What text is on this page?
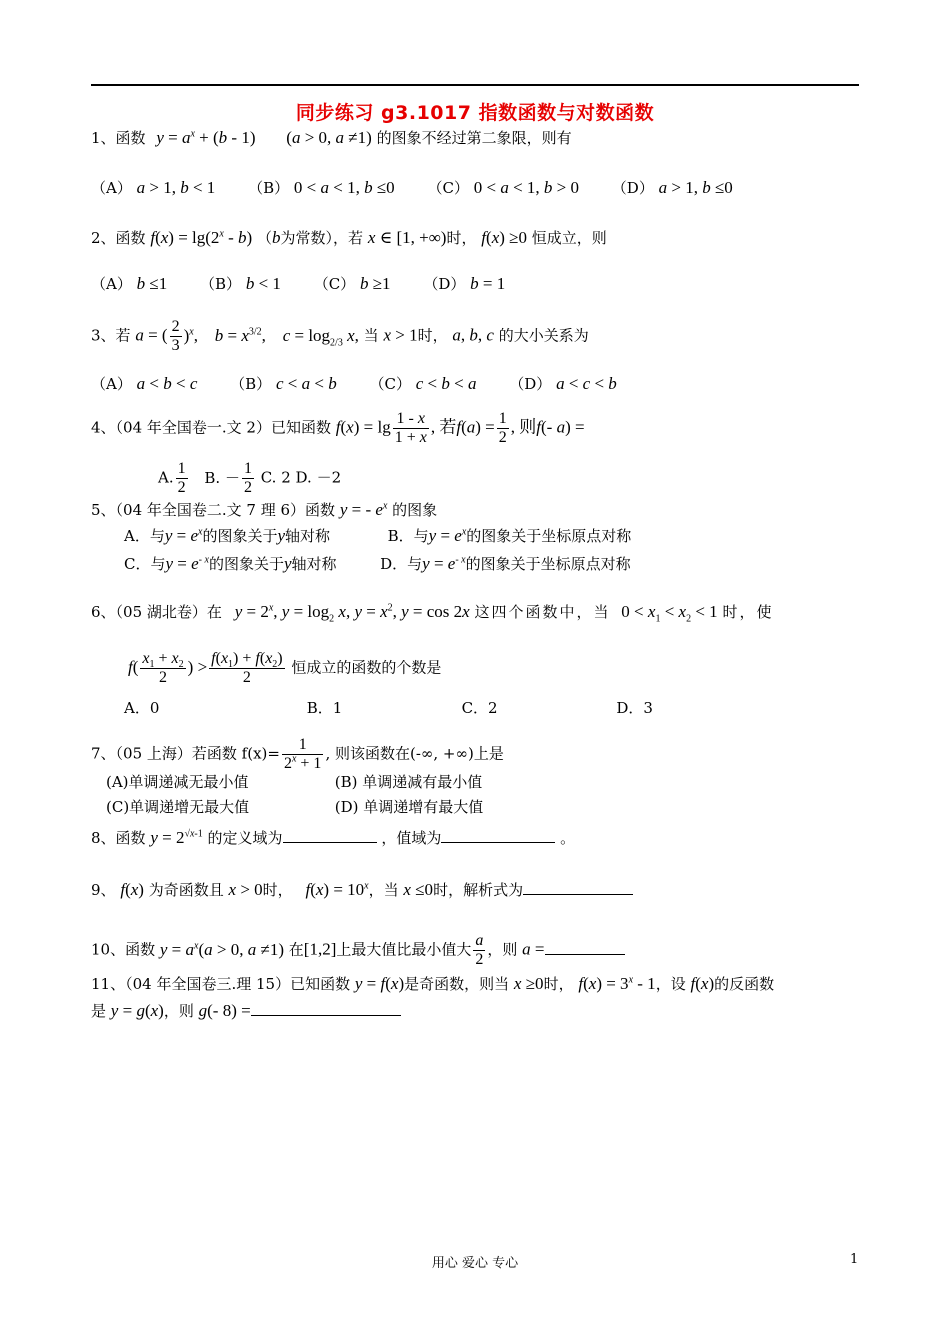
同步练习 g3.1017 指数函数与对数函数
1、函数 $y = a^x + (b - 1) (a > 0$, a ≠1) 的图象不经过第二象限，则有
（A） a > 1, b < 1 （B） 0 < a < 1, b ≤0 （C） 0 < a < 1, b > 0 （D） a > 1, b ≤0
2、函数 $f(x) = \lg(2^x - b)$ （b为常数），若 x ∈ [1, +∞)时， f(x) ≥0 恒成立，则
（A） b ≤1 （B） b < 1 （C） b ≥1 （D） b = 1
3、若 a = ( $\frac{2}{3} )^x$, $b = x^{3/2}$, $c = \log_{2/3} x$, 当 x > 1时， a, b, c 的大小关系为
（A） a < b < c （B） c < a < b （C） c < b < a （D） a < c < b
4、（04 年全国卷一.文 2）已知函数 $f(x) = \lg \frac{1 - x}{1 + x}$ , 若$f(a) = \frac{1}{2}$ , 则f(- a) =
A. $\frac{1}{2} B$. － $\frac{1}{2} C$. 2 D. －2
5、（04 年全国卷二.文 7 理 6）函数 y = - $e^x$ 的图象
A．与$y = e^x$的图象关于y轴对称	B．与$y = e^x$的图象关于坐标原点对称
C．与$y = e^{- x}$的图象关于y轴对称	D．与$y = e^{- x}$的图象关于坐标原点对称
6、（05 湖北卷）在 $y = 2^x$, $y = \log_2 x$, $y = x^2$, y = cos 2x 这四个函数中，当 $0 < x_1 < x_2 < 1$ 时，使
$f( \frac{x_1 + x_2}{2}$ ) > $\frac{f(x_1) + f(x_2)}{2}$ 恒成立的函数的个数是
A．0	B．1	C．2	D．3
7、（05 上海）若函数 $f(x)= \frac{1}{2^x + 1}$ , 则该函数在(-∞, +∞)上是
(A)单调递减无最小值	(B) 单调递减有最小值
(C)单调递增无最大值	(D) 单调递增有最大值
8、函数 $y = 2^{√x-1}$ 的定义域为	，值域为	。
9、 f(x) 为奇函数且 x > 0时， $f(x) = 10^x$，当 x ≤0时，解析式为
10、函数 $y = a^x(a > 0$, a ≠1) 在[1,2]上最大值比最小值大 $\frac{a}{2}$ ，则 a =
11、（04 年全国卷三.理 15）已知函数 y = f(x)是奇函数，则当 x ≥0时， $f(x) = 3^x - 1$，设 f(x)的反函数
是 y = g(x)，则 g(- 8) =
用心 爱心 专心	1
